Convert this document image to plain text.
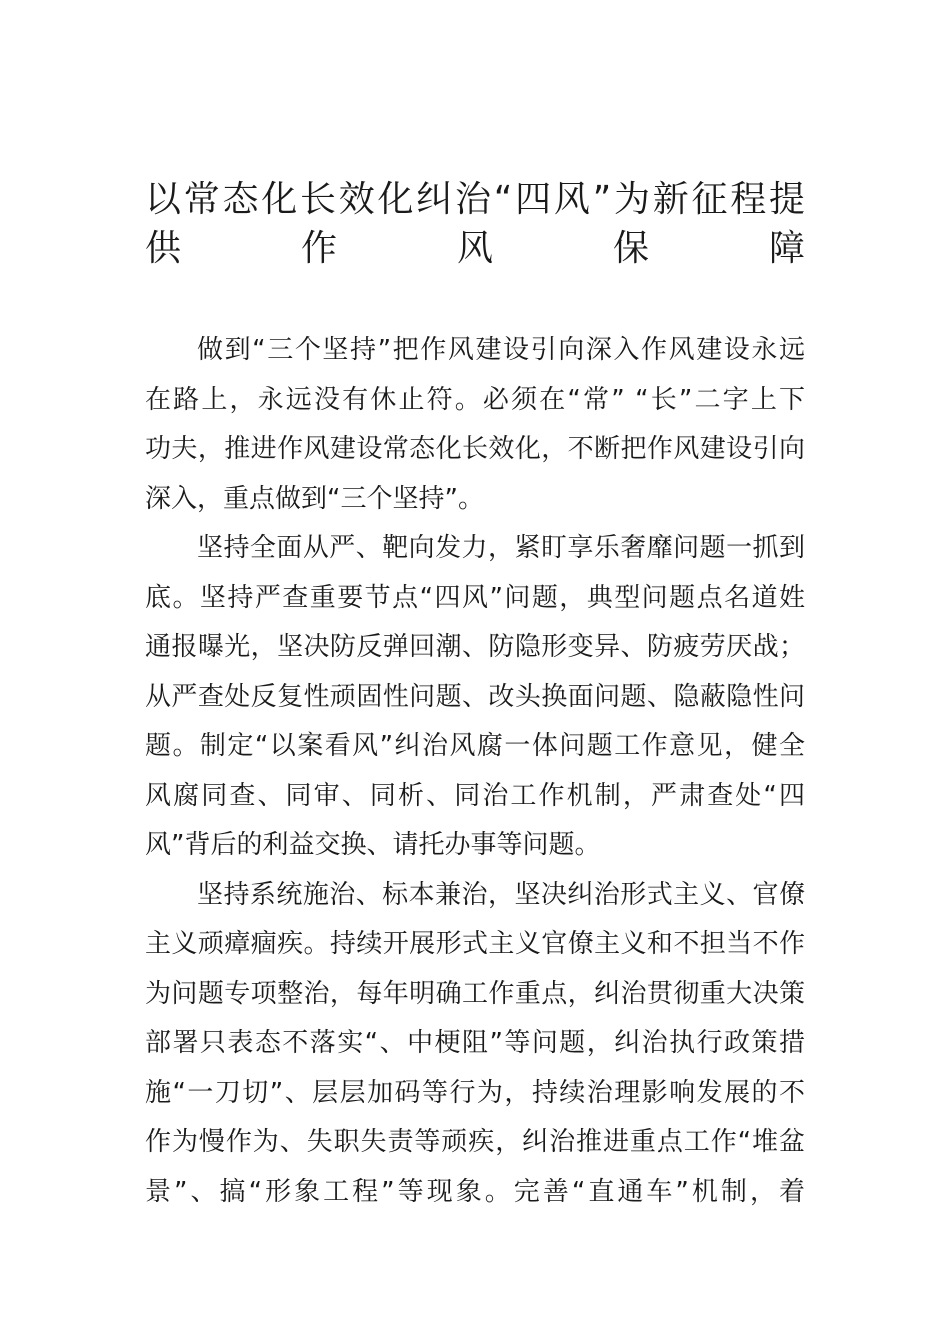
以常态化长效化纠治“四风”为新征程提
供作风保障

做到“三个坚持”把作风建设引向深入作风建设永远
在路上，永远没有休止符。必须在“常” “长”二字上下
功夫，推进作风建设常态化长效化，不断把作风建设引向
深入，重点做到“三个坚持”。

坚持全面从严、靶向发力，紧盯享乐奢靡问题一抓到
底。坚持严查重要节点“四风”问题，典型问题点名道姓
通报曝光，坚决防反弹回潮、防隐形变异、防疲劳厌战；
从严查处反复性顽固性问题、改头换面问题、隐蔽隐性问
题。制定“以案看风”纠治风腐一体问题工作意见，健全
风腐同查、同审、同析、同治工作机制，严肃查处“四
风”背后的利益交换、请托办事等问题。

坚持系统施治、标本兼治，坚决纠治形式主义、官僚
主义顽瘴痼疾。持续开展形式主义官僚主义和不担当不作
为问题专项整治，每年明确工作重点，纠治贯彻重大决策
部署只表态不落实“、中梗阻”等问题，纠治执行政策措
施“一刀切”、层层加码等行为，持续治理影响发展的不
作为慢作为、失职失责等顽疾，纠治推进重点工作“堆盆
景”、搞“形象工程”等现象。完善“直通车”机制，着
